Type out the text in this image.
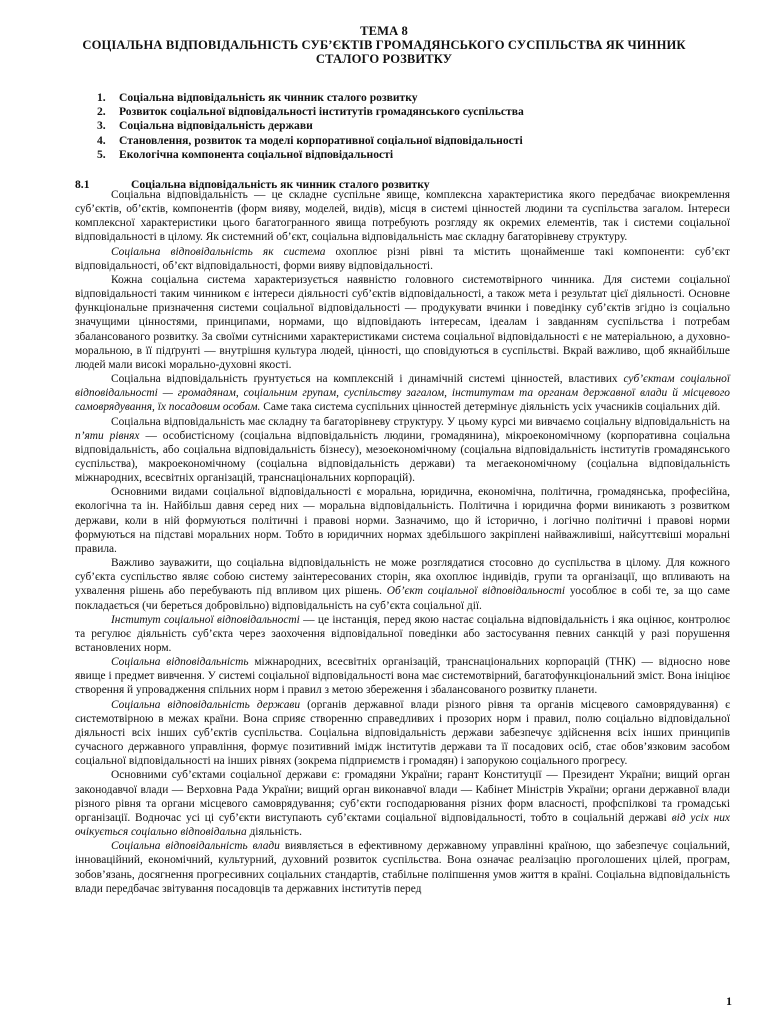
ТЕМА 8
СОЦІАЛЬНА ВІДПОВІДАЛЬНІСТЬ СУБ’ЄКТІВ ГРОМАДЯНСЬКОГО СУСПІЛЬСТВА ЯК ЧИННИК
СТАЛОГО РОЗВИТКУ
1. Соціальна відповідальність як чинник сталого розвитку
2. Розвиток соціальної відповідальності інститутів громадянського суспільства
3. Соціальна відповідальність держави
4. Становлення, розвиток та моделі корпоративної соціальної відповідальності
5. Екологічна компонента соціальної відповідальності
8.1	Соціальна відповідальність як чинник сталого розвитку

Соціальна відповідальність — це складне суспільне явище, комплексна характеристика якого передбачає виокремлення суб’єктів, об’єктів, компонентів (форм вияву, моделей, видів), місця в системі цінностей людини та суспільства загалом. Інтереси комплексної характеристики цього багатогранного явища потребують розгляду як окремих елементів, так і системи соціальної відповідальності в цілому. Як системний об’єкт, соціальна відповідальність має складну багаторівневу структуру.

Соціальна відповідальність як система охоплює різні рівні та містить щонайменше такі компоненти: суб’єкт відповідальності, об’єкт відповідальності, форми вияву відповідальності.

Кожна соціальна система характеризується наявністю головного системотвірного чинника. Для системи соціальної відповідальності таким чинником є інтереси діяльності суб’єктів відповідальності, а також мета і результат цієї діяльності. Основне функціональне призначення системи соціальної відповідальності — продукувати вчинки і поведінку суб’єктів згідно із соціально значущими цінностями, принципами, нормами, що відповідають інтересам, ідеалам і завданням суспільства і потребам збалансованого розвитку. За своїми сутнісними характеристиками система соціальної відповідальності є не матеріальною, а духовно-моральною, в її підґрунті — внутрішня культура людей, цінності, що сповідуються в суспільстві. Вкрай важливо, щоб якнайбільше людей мали високі морально-духовні якості.

Соціальна відповідальність ґрунтується на комплексній і динамічній системі цінностей, властивих суб’єктам соціальної відповідальності — громадянам, соціальним групам, суспільству загалом, інститутам та органам державної влади й місцевого самоврядування, їх посадовим особам. Саме така система суспільних цінностей детермінує діяльність усіх учасників соціальних дій.

Соціальна відповідальність має складну та багаторівневу структуру. У цьому курсі ми вивчаємо соціальну відповідальність на п’яти рівнях — особистісному (соціальна відповідальність людини, громадянина), мікроекономічному (корпоративна соціальна відповідальність, або соціальна відповідальність бізнесу), мезоекономічному (соціальна відповідальність інститутів громадянського суспільства), макроекономічному (соціальна відповідальність держави) та мегаекономічному (соціальна відповідальність міжнародних, всесвітніх організацій, транснаціональних корпорацій).

Основними видами соціальної відповідальності є моральна, юридична, економічна, політична, громадянська, професійна, екологічна та ін. Найбільш давня серед них — моральна відповідальність. Політична і юридична форми виникають з розвитком держави, коли в ній формуються політичні і правові норми. Зазначимо, що й історично, і логічно політичні і правові норми формуються на підставі моральних норм. Тобто в юридичних нормах здебільшого закріплені найважливіші, найсуттєвіші моральні правила.

Важливо зауважити, що соціальна відповідальність не може розглядатися стосовно до суспільства в цілому. Для кожного суб’єкта суспільство являє собою систему заінтересованих сторін, яка охоплює індивідів, групи та організації, що впливають на ухвалення рішень або перебувають під впливом цих рішень. Об’єкт соціальної відповідальності уособлює в собі те, за що саме покладається (чи береться добровільно) відповідальність на суб’єкта соціальної дії.

Інститут соціальної відповідальності — це інстанція, перед якою настає соціальна відповідальність і яка оцінює, контролює та регулює діяльність суб’єкта через заохочення відповідальної поведінки або застосування певних санкцій у разі порушення встановлених норм.

Соціальна відповідальність міжнародних, всесвітніх організацій, транснаціональних корпорацій (ТНК) — відносно нове явище і предмет вивчення. У системі соціальної відповідальності вона має системотвірний, багатофункціональний зміст. Вона ініціює створення й упровадження спільних норм і правил з метою збереження і збалансованого розвитку планети.

Соціальна відповідальність держави (органів державної влади різного рівня та органів місцевого самоврядування) є системотвірною в межах країни. Вона сприяє створенню справедливих і прозорих норм і правил, полю соціально відповідальної діяльності всіх інших суб’єктів суспільства. Соціальна відповідальність держави забезпечує здійснення всіх інших принципів сучасного державного управління, формує позитивний імідж інститутів держави та її посадових осіб, стає обов’язковим засобом соціальної відповідальності на інших рівнях (зокрема підприємств і громадян) і запорукою соціального прогресу.

Основними суб’єктами соціальної держави є: громадяни України; гарант Конституції — Президент України; вищий орган законодавчої влади — Верховна Рада України; вищий орган виконавчої влади — Кабінет Міністрів України; органи державної влади різного рівня та органи місцевого самоврядування; суб’єкти господарювання різних форм власності, профспілкові та громадські організації. Водночас усі ці суб’єкти виступають суб’єктами соціальної відповідальності, тобто в соціальній державі від усіх них очікується соціально відповідальна діяльність.

Соціальна відповідальність влади виявляється в ефективному державному управлінні країною, що забезпечує соціальний, інноваційний, економічний, культурний, духовний розвиток суспільства. Вона означає реалізацію проголошених цілей, програм, зобов’язань, досягнення прогресивних соціальних стандартів, стабільне поліпшення умов життя в країні. Соціальна відповідальність влади передбачає звітування посадовців та державних інститутів перед

1
